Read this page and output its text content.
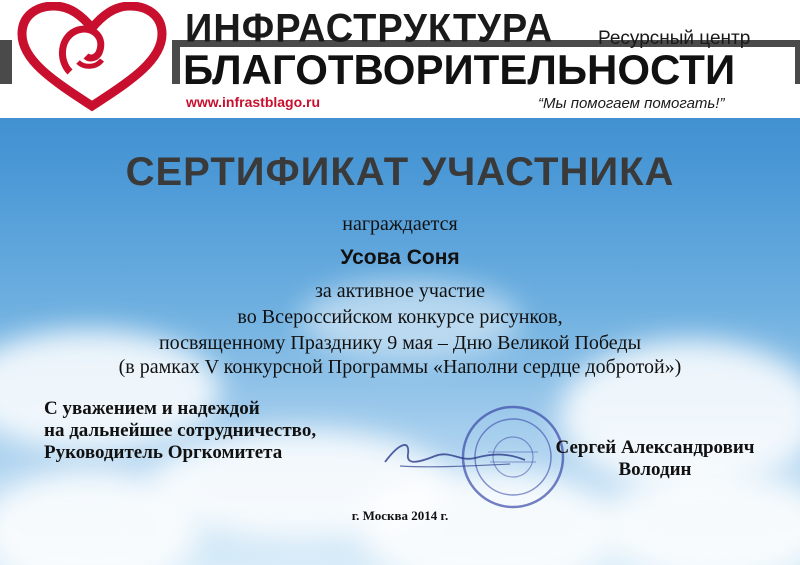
ИНФРАСТРУКТУРА Ресурсный центр
БЛАГОТВОРИТЕЛЬНОСТИ
www.infrastblago.ru	“Мы помогаем помогать!”
СЕРТИФИКАТ УЧАСТНИКА
награждается
Усова Соня
за активное участие
во Всероссийском конкурсе рисунков,
посвященному Празднику 9 мая – Дню Великой Победы
(в рамках V конкурсной Программы «Наполни сердце добротой»)
С уважением и надеждой
на дальнейшее сотрудничество,
Руководитель Оргкомитета	Сергей Александрович
Володин
г. Москва 2014 г.
